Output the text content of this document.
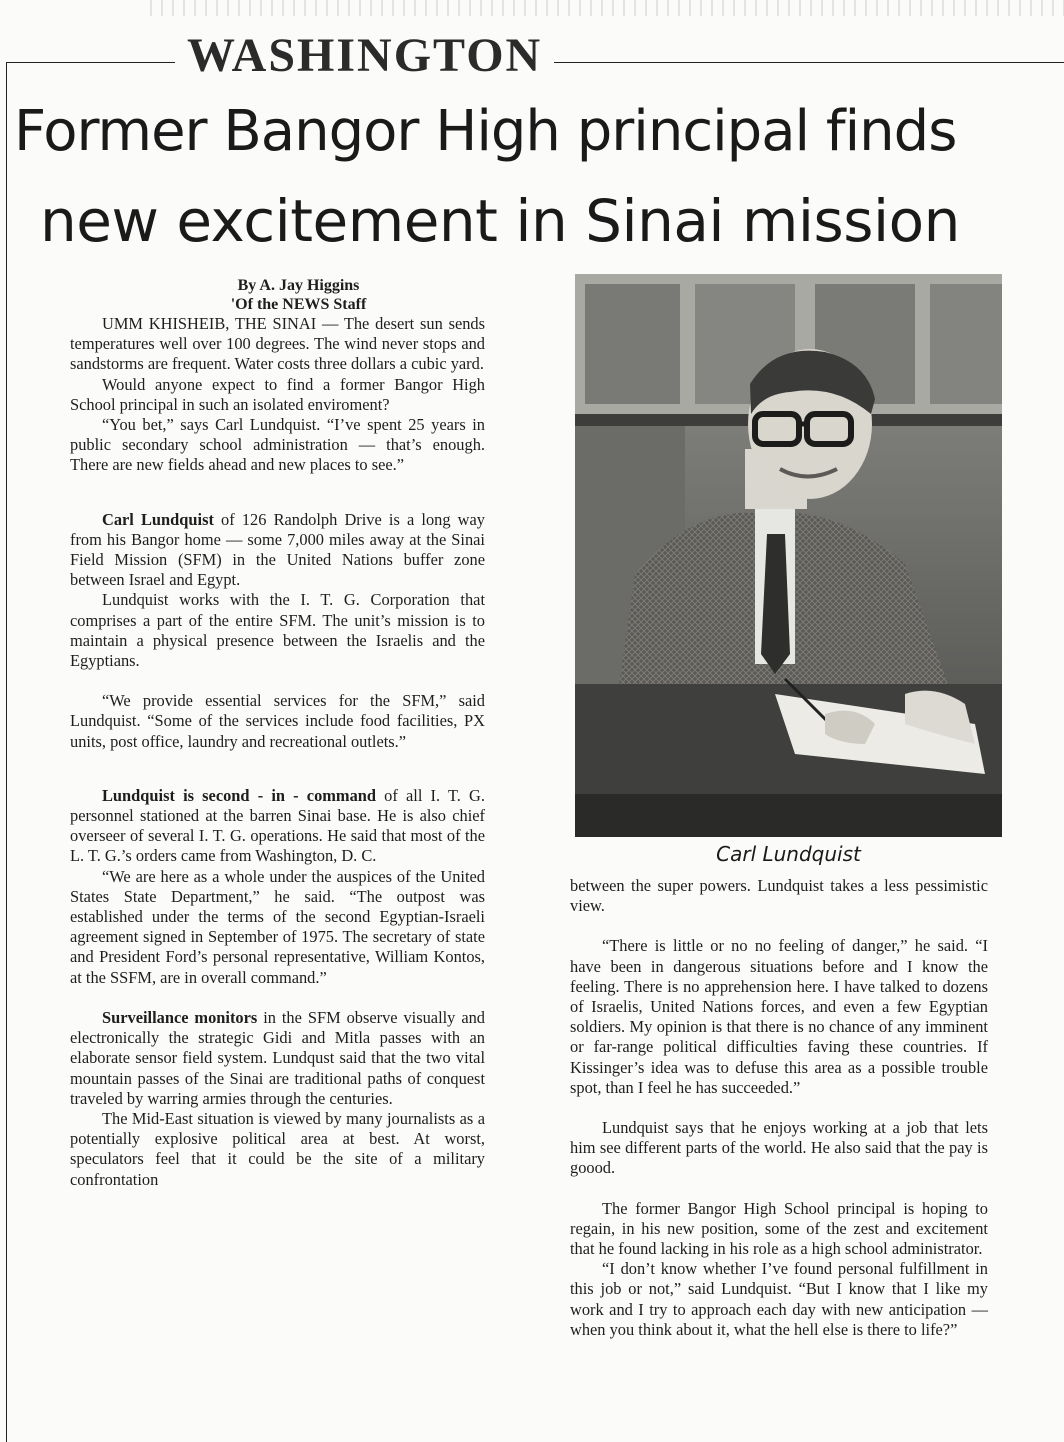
WASHINGTON
Former Bangor High principal finds
new excitement in Sinai mission

By A. Jay Higgins

'Of the NEWS Staff

UMM KHISHEIB, THE SINAI — The desert sun sends temperatures well over 100 degrees. The wind never stops and sandstorms are frequent. Water costs three dollars a cubic yard.

Would anyone expect to find a former Bangor High School principal in such an isolated enviroment?

“You bet,” says Carl Lundquist. “I’ve spent 25 years in public secondary school administration — that’s enough. There are new fields ahead and new places to see.”

Carl Lundquist of 126 Randolph Drive is a long way from his Bangor home — some 7,000 miles away at the Sinai Field Mission (SFM) in the United Nations buffer zone between Israel and Egypt.

Lundquist works with the I. T. G. Corporation that comprises a part of the entire SFM. The unit’s mission is to maintain a physical presence between the Israelis and the Egyptians.

“We provide essential services for the SFM,” said Lundquist. “Some of the services include food facilities, PX units, post office, laundry and recreational outlets.”

Lundquist is second - in - command of all I. T. G. personnel stationed at the barren Sinai base. He is also chief overseer of several I. T. G. operations. He said that most of the L. T. G.’s orders came from Washington, D. C.

“We are here as a whole under the auspices of the United States State Department,” he said. “The outpost was established under the terms of the second Egyptian-Israeli agreement signed in September of 1975. The secretary of state and President Ford’s personal representative, William Kontos, at the SSFM, are in overall command.”

Surveillance monitors in the SFM observe visually and electronically the strategic Gidi and Mitla passes with an elaborate sensor field system. Lundqust said that the two vital mountain passes of the Sinai are traditional paths of conquest traveled by warring armies through the centuries.

The Mid-East situation is viewed by many journalists as a potentially explosive political area at best. At worst, speculators feel that it could be the site of a military confrontation

Carl Lundquist

between the super powers. Lundquist takes a less pessimistic view.

“There is little or no no feeling of danger,” he said. “I have been in dangerous situations before and I know the feeling. There is no apprehension here. I have talked to dozens of Israelis, United Nations forces, and even a few Egyptian soldiers. My opinion is that there is no chance of any imminent or far-range political difficulties faving these countries. If Kissinger’s idea was to defuse this area as a possible trouble spot, than I feel he has succeeded.”

Lundquist says that he enjoys working at a job that lets him see different parts of the world. He also said that the pay is goood.

The former Bangor High School principal is hoping to regain, in his new position, some of the zest and excitement that he found lacking in his role as a high school administrator.

“I don’t know whether I’ve found personal fulfillment in this job or not,” said Lundquist. “But I know that I like my work and I try to approach each day with new anticipation — when you think about it, what the hell else is there to life?”
